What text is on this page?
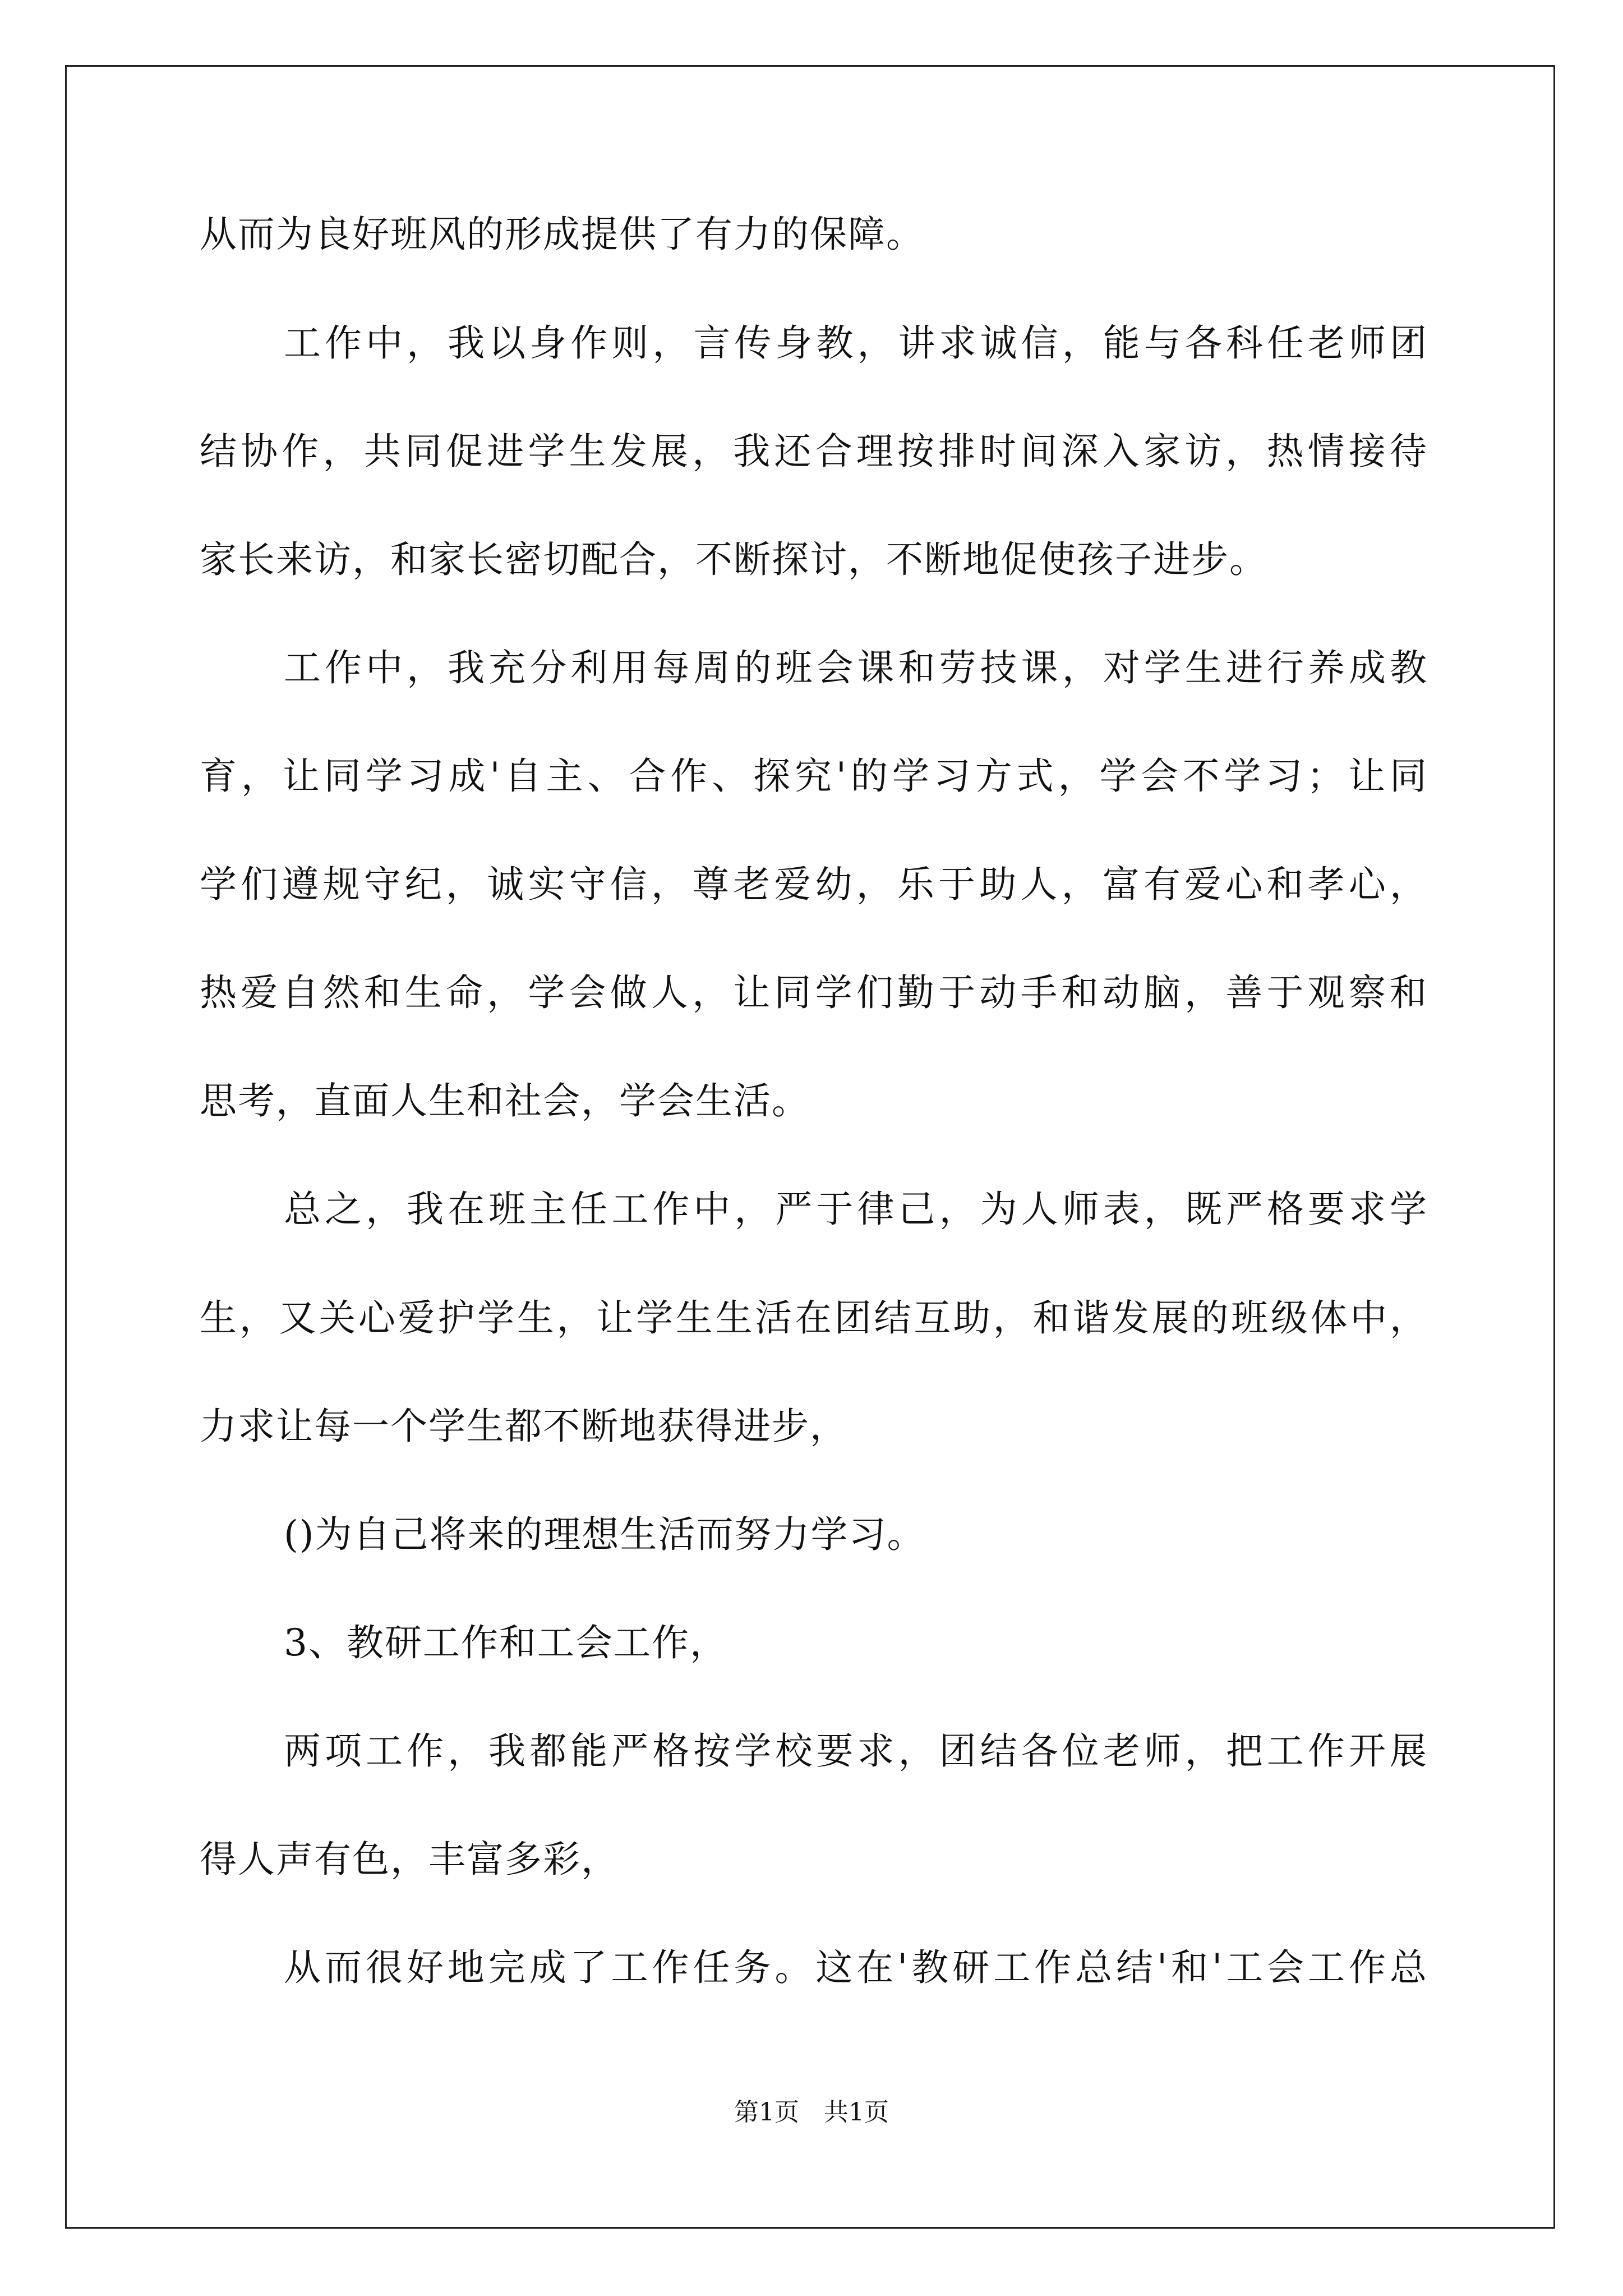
从而为良好班风的形成提供了有力的保障。
工作中，我以身作则，言传身教，讲求诚信，能与各科任老师团
结协作，共同促进学生发展，我还合理按排时间深入家访，热情接待
家长来访，和家长密切配合，不断探讨，不断地促使孩子进步。
工作中，我充分利用每周的班会课和劳技课，对学生进行养成教
育，让同学习成'自主、合作、探究'的学习方式，学会不学习；让同
学们遵规守纪，诚实守信，尊老爱幼，乐于助人，富有爱心和孝心，
热爱自然和生命，学会做人，让同学们勤于动手和动脑，善于观察和
思考，直面人生和社会，学会生活。
总之，我在班主任工作中，严于律己，为人师表，既严格要求学
生，又关心爱护学生，让学生生活在团结互助，和谐发展的班级体中，
力求让每一个学生都不断地获得进步，
()为自己将来的理想生活而努力学习。
3、教研工作和工会工作，
两项工作，我都能严格按学校要求，团结各位老师，把工作开展
得人声有色，丰富多彩，
从而很好地完成了工作任务。这在'教研工作总结'和'工会工作总
第1页　共1页
